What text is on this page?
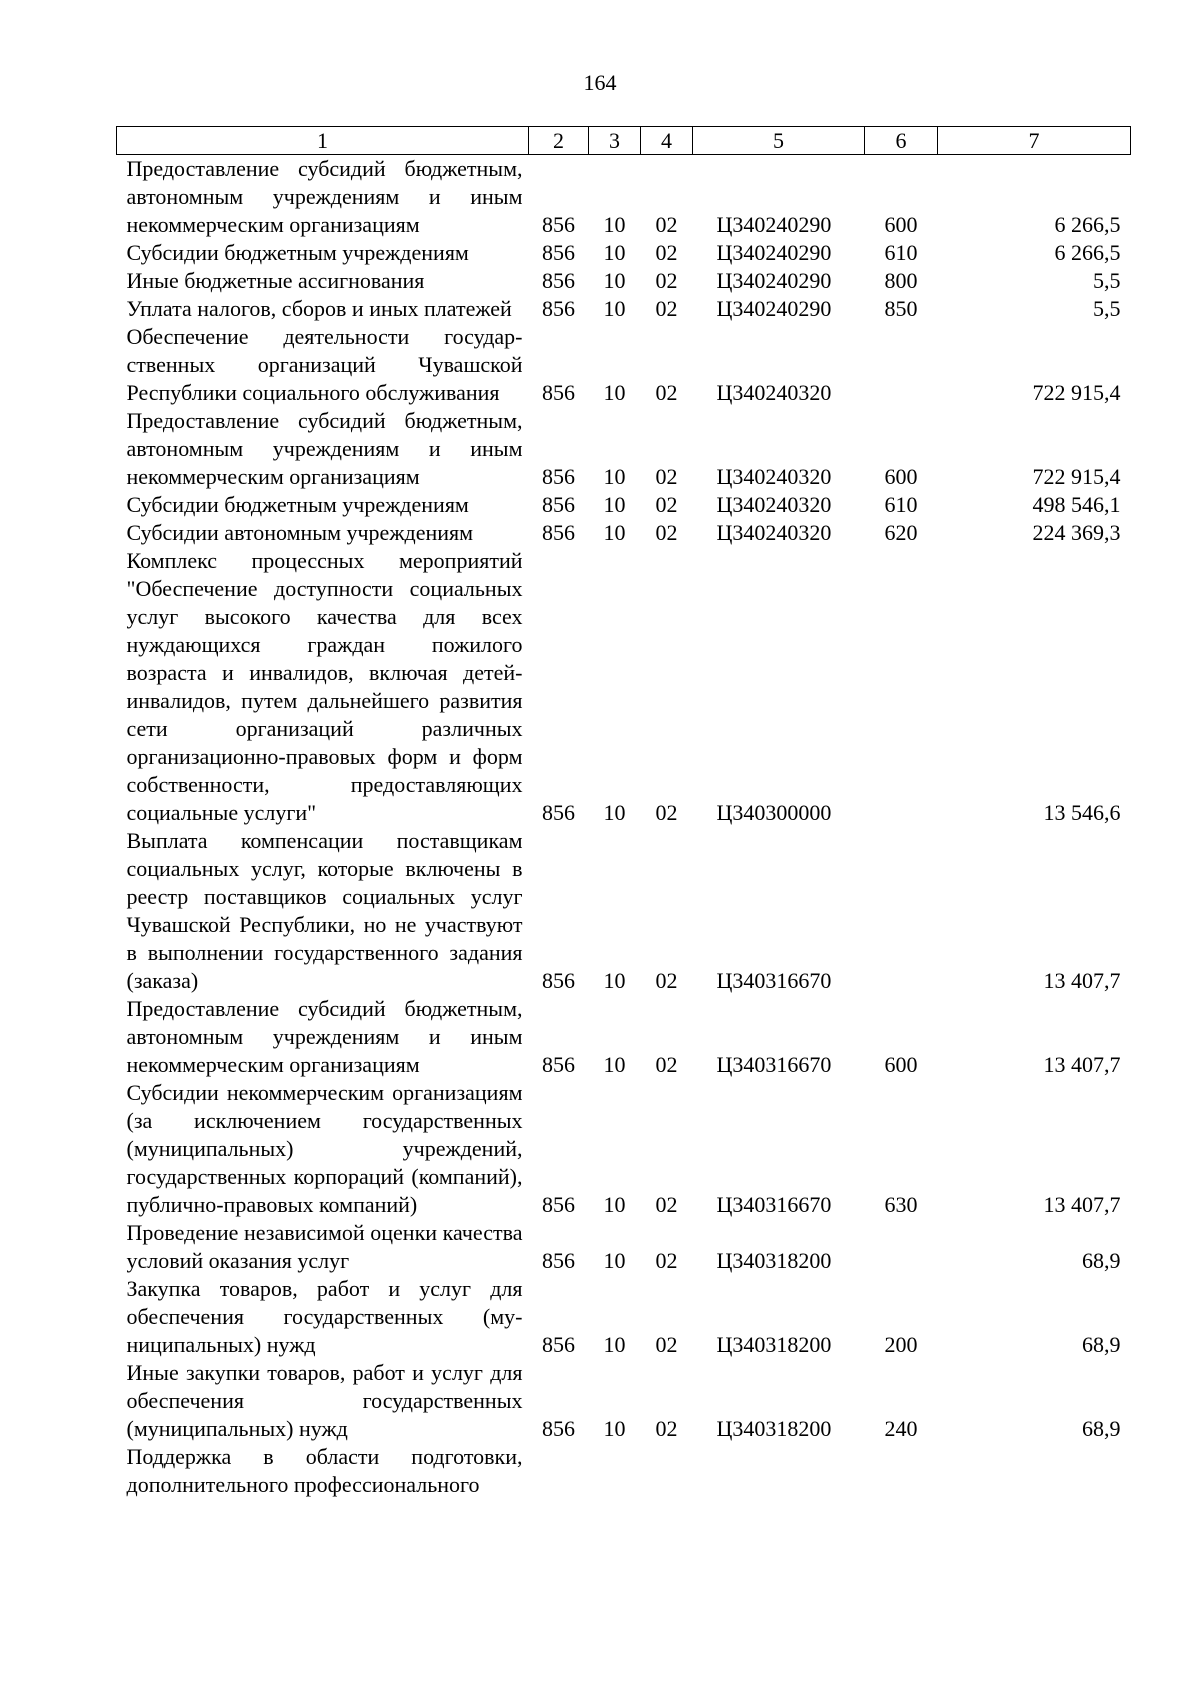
164
1	2	3	4	5	6	7
Предоставление субсидий бюджетным, автономным учреждениям и иным некоммерческим организациям	856	10	02	Ц340240290	600	6 266,5
Субсидии бюджетным учреждениям	856	10	02	Ц340240290	610	6 266,5
Иные бюджетные ассигнования	856	10	02	Ц340240290	800	5,5
Уплата налогов, сборов и иных платежей	856	10	02	Ц340240290	850	5,5
Обеспечение деятельности государственных организаций Чувашской Республики социального обслуживания	856	10	02	Ц340240320		722 915,4
Предоставление субсидий бюджетным, автономным учреждениям и иным некоммерческим организациям	856	10	02	Ц340240320	600	722 915,4
Субсидии бюджетным учреждениям	856	10	02	Ц340240320	610	498 546,1
Субсидии автономным учреждениям	856	10	02	Ц340240320	620	224 369,3
Комплекс процессных мероприятий "Обеспечение доступности социальных услуг высокого качества для всех нуждающихся граждан пожилого возраста и инвалидов, включая детей-инвалидов, путем дальнейшего развития сети организаций различных организационно-правовых форм и форм собственности, предоставляющих социальные услуги"	856	10	02	Ц340300000		13 546,6
Выплата компенсации поставщикам социальных услуг, которые включены в реестр поставщиков социальных услуг Чувашской Республики, но не участвуют в выполнении государственного задания (заказа)	856	10	02	Ц340316670		13 407,7
Предоставление субсидий бюджетным, автономным учреждениям и иным некоммерческим организациям	856	10	02	Ц340316670	600	13 407,7
Субсидии некоммерческим организациям (за исключением государственных (муниципальных) учреждений, государственных корпораций (компаний), публично-правовых компаний)	856	10	02	Ц340316670	630	13 407,7
Проведение независимой оценки качества условий оказания услуг	856	10	02	Ц340318200		68,9
Закупка товаров, работ и услуг для обеспечения государственных (муниципальных) нужд	856	10	02	Ц340318200	200	68,9
Иные закупки товаров, работ и услуг для обеспечения государственных (муниципальных) нужд	856	10	02	Ц340318200	240	68,9
Поддержка в области подготовки, дополнительного профессионального						
